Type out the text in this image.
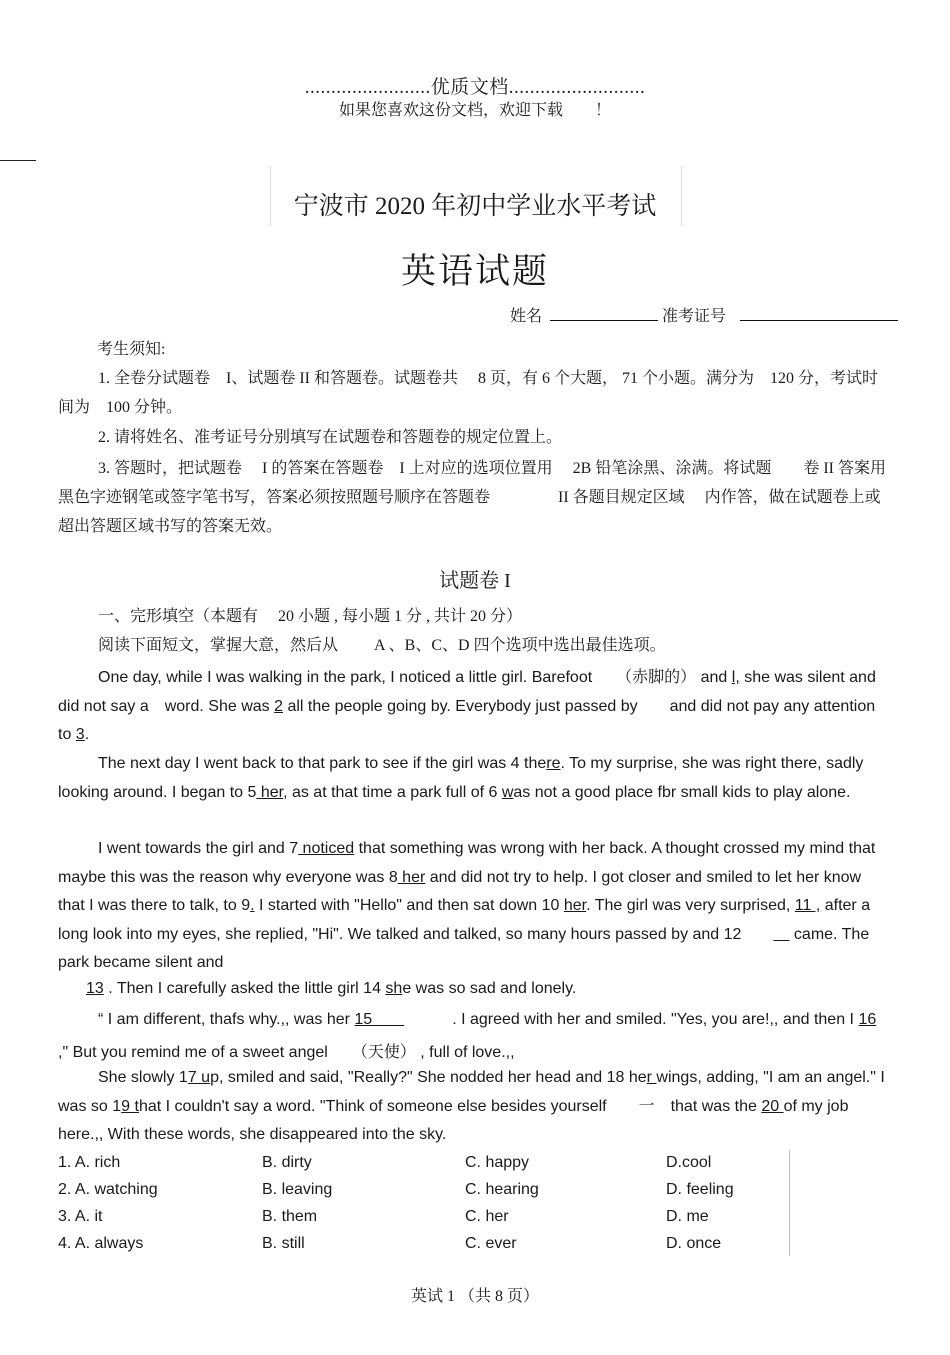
........................优质文档..........................
如果您喜欢这份文档，欢迎下载　　！
宁波市 2020 年初中学业水平考试
英语试题
姓名	准考证号
考生须知:
1. 全卷分试题卷　I、试题卷 II 和答题卷。试题卷共　 8 页，有 6 个大题， 71 个小题。满分为　120 分，考试时间为　100 分钟。
2. 请将姓名、准考证号分别填写在试题卷和答题卷的规定位置上。
3. 答题时，把试题卷　 I 的答案在答题卷　I 上对应的选项位置用　 2B 铅笔涂黑、涂满。将试题　　卷 II 答案用黑色字迹钢笔或签字笔书写，答案必须按照题号顺序在答题卷　　　　 II 各题目规定区域　 内作答，做在试题卷上或超出答题区域书写的答案无效。
试题卷 I
一、完形填空（本题有　 20 小题 , 每小题 1 分 , 共计 20 分）
阅读下面短文，掌握大意，然后从　　 A 、B、C、D 四个选项中选出最佳选项。
One day, while I was walking in the park, I noticed a little girl. Barefoot　　（赤脚的） and l, she was silent and did not say a　word. She was 2 all the people going by. Everybody just passed by　　and did not pay any attention to 3.
The next day I went back to that park to see if the girl was 4 there. To my surprise, she was right there, sadly looking around. I began to 5 her, as at that time a park full of 6 was not a good place fbr small kids to play alone.
I went towards the girl and 7 noticed that something was wrong with her back. A thought crossed my mind that maybe this was the reason why everyone was 8 her and did not try to help. I got closer and smiled to let her know that I was there to talk, to 9. I started with "Hello" and then sat down 10 her. The girl was very surprised, 11 , after a long look into my eyes, she replied, "Hi". We talked and talked, so many hours passed by and 12　　　 came. The park became silent and
13 . Then I carefully asked the little girl 14 she was so sad and lonely.
“ I am different, thafs why.,, was her 15　　　　　. I agreed with her and smiled. "Yes, you are!,, and then I 16 ," But you remind me of a sweet angel　　（天使） , full of love.,,
She slowly 17 up, smiled and said, "Really?" She nodded her head and 18 her wings, adding, "I am an angel." I was so 19 that I couldn't say a word. "Think of someone else besides yourself　　一　that was the 20 of my job here.,, With these words, she disappeared into the sky.
1. A. rich	B. dirty	C. happy	D.cool
2. A. watching	B. leaving	C. hearing	D. feeling
3. A. it	B. them	C. her	D. me
4. A. always	B. still	C. ever	D. once
英试 1 （共 8 页）
